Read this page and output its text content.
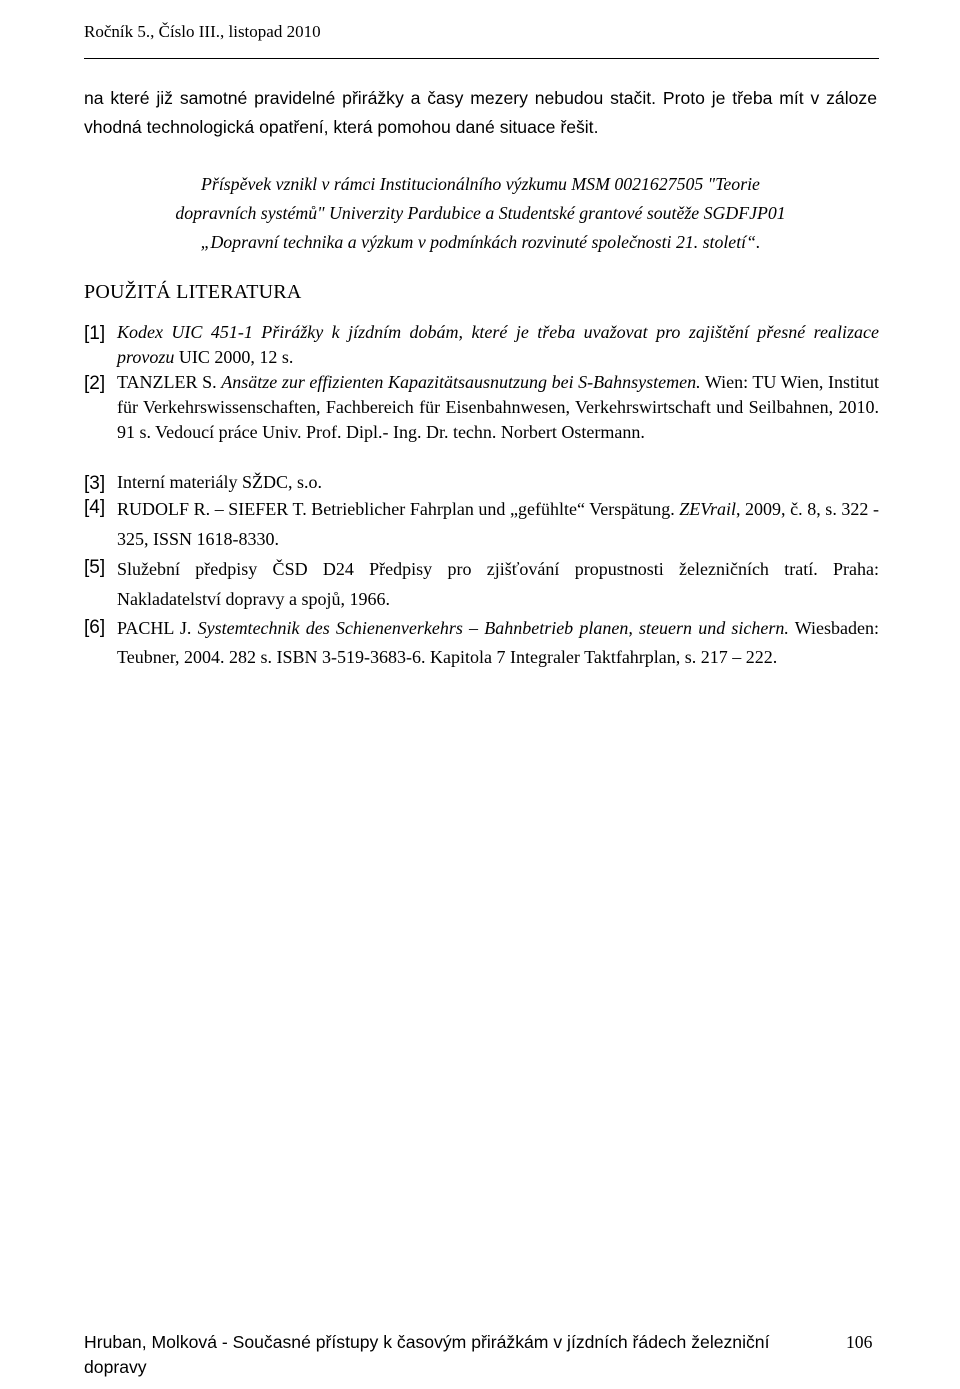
Ročník 5., Číslo III., listopad 2010

na které již samotné pravidelné přirážky a časy mezery nebudou stačit. Proto je třeba mít v záloze vhodná technologická opatření, která pomohou dané situace řešit.

Příspěvek vznikl v rámci Institucionálního výzkumu MSM 0021627505 "Teorie
dopravních systémů" Univerzity Pardubice a Studentské grantové soutěže SGDFJP01
„Dopravní technika a výzkum v podmínkách rozvinuté společnosti 21. století“.
POUŽITÁ LITERATURA
[1] Kodex UIC 451-1 Přirážky k jízdním dobám, které je třeba uvažovat pro zajištění přesné realizace provozu UIC 2000, 12 s.
[2] TANZLER S. Ansätze zur effizienten Kapazitätsausnutzung bei S-Bahnsystemen. Wien: TU Wien, Institut für Verkehrswissenschaften, Fachbereich für Eisenbahnwesen, Verkehrswirtschaft und Seilbahnen, 2010. 91 s. Vedoucí práce Univ. Prof. Dipl.- Ing. Dr. techn. Norbert Ostermann.
[3] Interní materiály SŽDC, s.o.
[4] RUDOLF R. – SIEFER T. Betrieblicher Fahrplan und „gefühlte“ Verspätung. ZEVrail, 2009, č. 8, s. 322 - 325, ISSN 1618-8330.
[5] Služební předpisy ČSD D24 Předpisy pro zjišťování propustnosti železničních tratí. Praha: Nakladatelství dopravy a spojů, 1966.
[6] PACHL J. Systemtechnik des Schienenverkehrs – Bahnbetrieb planen, steuern und sichern. Wiesbaden: Teubner, 2004. 282 s. ISBN 3-519-3683-6. Kapitola 7 Integraler Taktfahrplan, s. 217 – 222.

Hruban, Molková - Současné přístupy k časovým přirážkám v jízdních řádech železniční dopravy

106
